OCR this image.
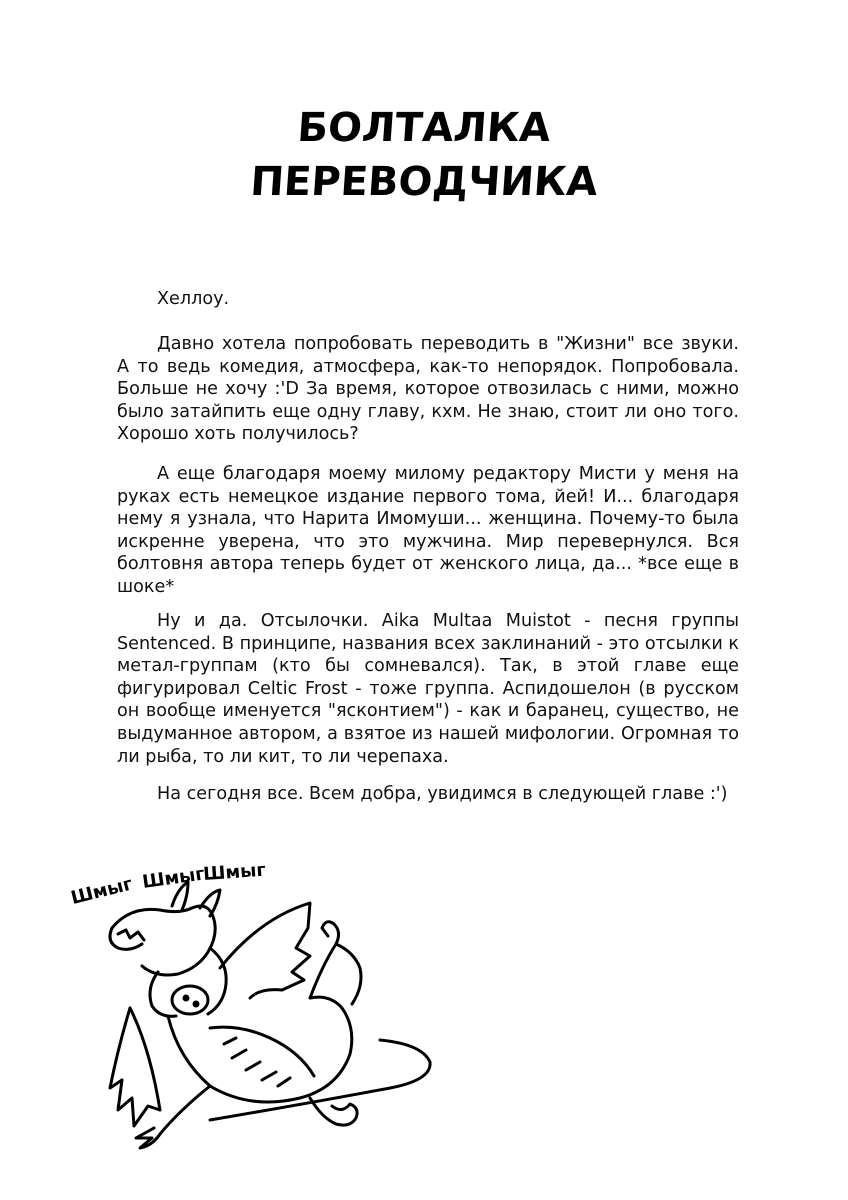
БОЛТАЛКА
ПЕРЕВОДЧИКА

Хеллоу.

Давно хотела попробовать переводить в "Жизни" все звуки. А то ведь комедия, атмосфера, как-то непорядок. Попробовала. Больше не хочу :'D За время, которое отвозилась с ними, можно было затайпить еще одну главу, кхм. Не знаю, стоит ли оно того. Хорошо хоть получилось?

А еще благодаря моему милому редактору Мисти у меня на руках есть немецкое издание первого тома, йей! И... благодаря нему я узнала, что Нарита Имомуши... женщина. Почему-то была искренне уверена, что это мужчина. Мир перевернулся. Вся болтовня автора теперь будет от женского лица, да... *все еще в шоке*

Ну и да. Отсылочки. Aika Multaa Muistot - песня группы Sentenced. В принципе, названия всех заклинаний - это отсылки к метал-группам (кто бы сомневался). Так, в этой главе еще фигурировал Celtic Frost - тоже группа. Аспидошелон (в русском он вообще именуется "ясконтием") - как и баранец, существо, не выдуманное автором, а взятое из нашей мифологии. Огромная то ли рыба, то ли кит, то ли черепаха.

На сегодня все. Всем добра, увидимся в следующей главе :')

Шмыг Шмыг
Шмыг
